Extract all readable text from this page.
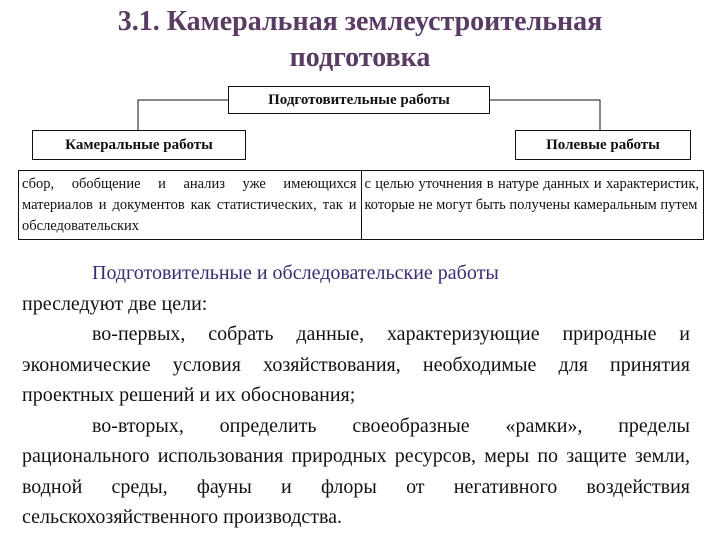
3.1. Камеральная землеустроительная
подготовка
Подготовительные работы
Камеральные работы	Полевые работы
сбор, обобщение и анализ уже имеющихся материалов и документов как статистических, так и обследовательских
с целью уточнения в натуре данных и характеристик, которые не могут быть получены камеральным путем

Подготовительные и обследовательские работы
преследуют две цели:

во-первых, собрать данные, характеризующие природные и экономические условия хозяйствования, необходимые для принятия проектных решений и их обоснования;

во-вторых, определить своеобразные «рамки», пределы рационального использования природных ресурсов, меры по защите земли, водной среды, фауны и флоры от негативного воздействия сельскохозяйственного производства.
